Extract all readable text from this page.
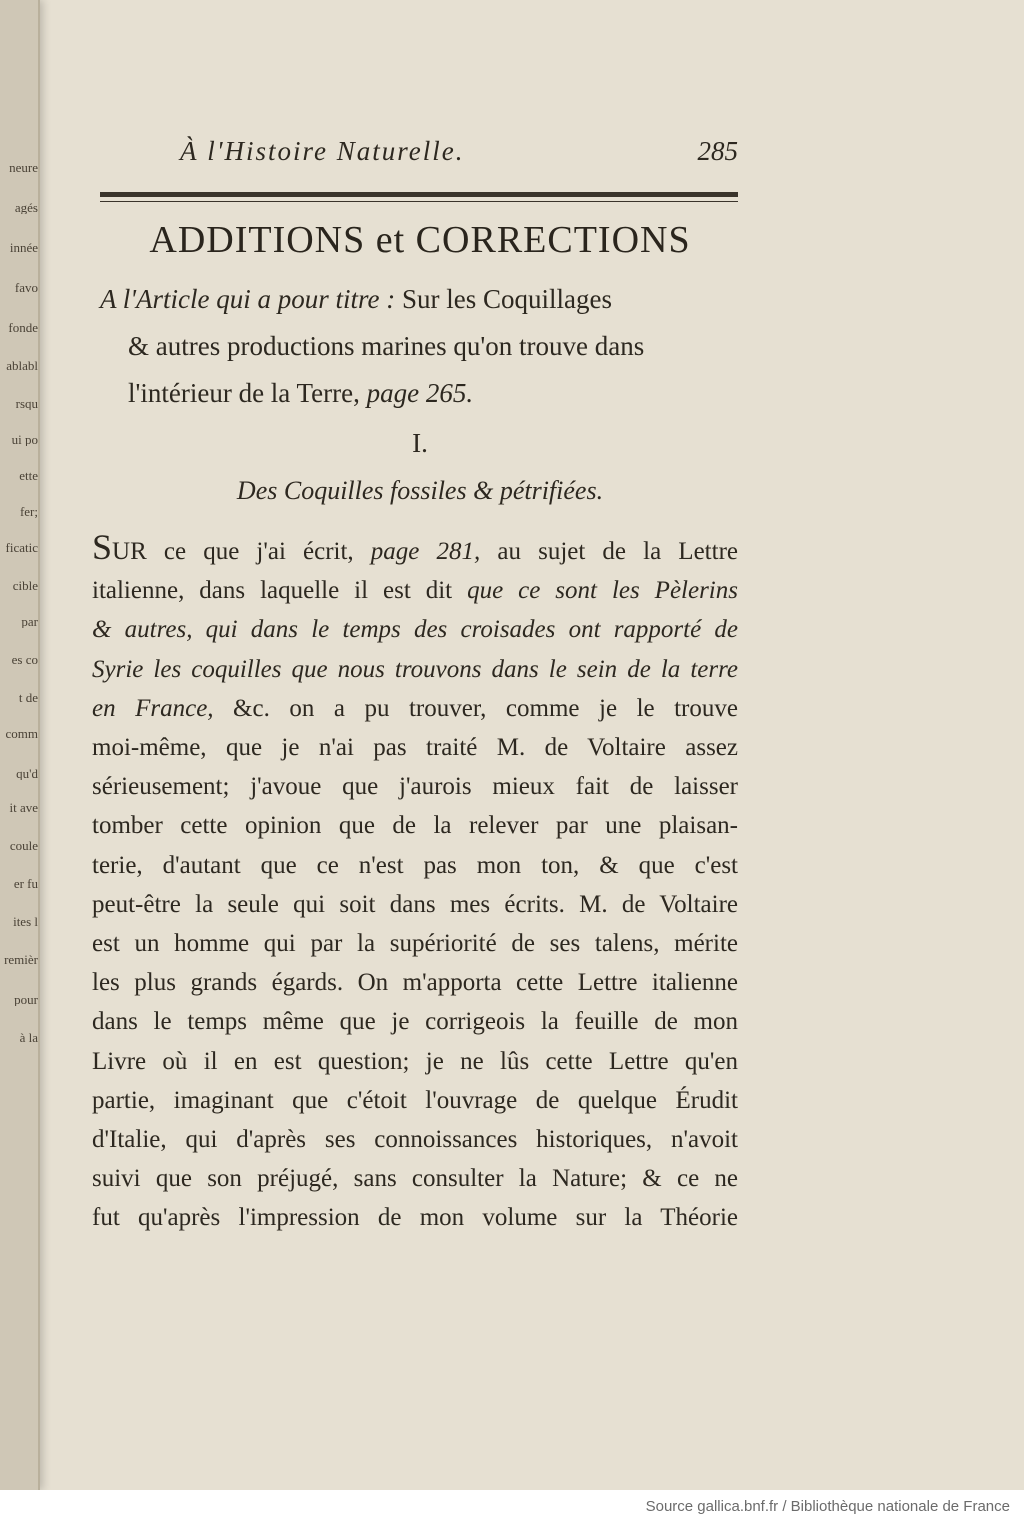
neure
agés
innée
favo
fonde
ablabl
rsqu
ui po
ette
fer;
ficatic
cible
par
es co
t de
comm
qu'd
it ave
coule
er fu
ites l
remièr
pour
à la
À l'Histoire Naturelle.	285
ADDITIONS et CORRECTIONS
A l'Article qui a pour titre : Sur les Coquillages
& autres productions marines qu'on trouve dans
l'intérieur de la Terre, page 265.
I.
Des Coquilles fossiles & pétrifiées.
SUR ce que j'ai écrit, page 281, au sujet de la Lettre
italienne, dans laquelle il est dit que ce sont les Pèlerins
& autres, qui dans le temps des croisades ont rapporté de
Syrie les coquilles que nous trouvons dans le sein de la terre
en France, &c. on a pu trouver, comme je le trouve
moi-même, que je n'ai pas traité M. de Voltaire assez
sérieusement; j'avoue que j'aurois mieux fait de laisser
tomber cette opinion que de la relever par une plaisan-
terie, d'autant que ce n'est pas mon ton, & que c'est
peut-être la seule qui soit dans mes écrits. M. de Voltaire
est un homme qui par la supériorité de ses talens, mérite
les plus grands égards. On m'apporta cette Lettre italienne
dans le temps même que je corrigeois la feuille de mon
Livre où il en est question; je ne lûs cette Lettre qu'en
partie, imaginant que c'étoit l'ouvrage de quelque Érudit
d'Italie, qui d'après ses connoissances historiques, n'avoit
suivi que son préjugé, sans consulter la Nature; & ce ne
fut qu'après l'impression de mon volume sur la Théorie
Source gallica.bnf.fr / Bibliothèque nationale de France
